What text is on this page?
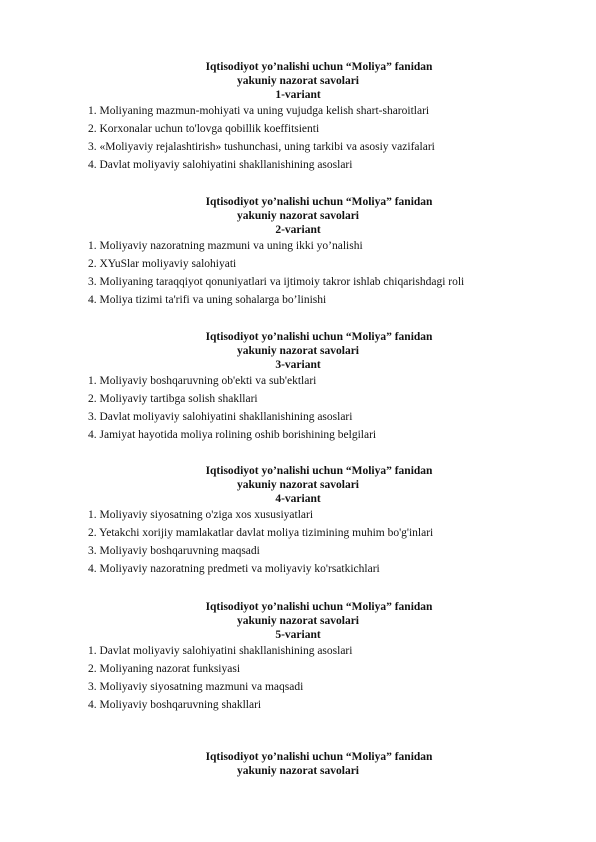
Iqtisodiyot yo’nalishi uchun “Moliya” fanidan
yakuniy nazorat savolari
1-variant
1. Moliyaning mazmun-mohiyati va uning vujudga kelish shart-sharoitlari
2. Korxonalar uchun to'lovga qobillik koeffitsienti
3. «Moliyaviy rejalashtirish» tushunchasi, uning tarkibi va asosiy vazifalari
4. Davlat moliyaviy salohiyatini shakllanishining asoslari
Iqtisodiyot yo’nalishi uchun “Moliya” fanidan
yakuniy nazorat savolari
2-variant
1. Moliyaviy nazoratning mazmuni va uning ikki yo’nalishi
2. XYuSlar moliyaviy salohiyati
3. Moliyaning taraqqiyot qonuniyatlari va ijtimoiy takror ishlab chiqarishdagi roli
4. Moliya tizimi ta'rifi va uning sohalarga bo’linishi
Iqtisodiyot yo’nalishi uchun “Moliya” fanidan
yakuniy nazorat savolari
3-variant
1. Moliyaviy boshqaruvning ob'ekti va sub'ektlari
2. Moliyaviy tartibga solish shakllari
3. Davlat moliyaviy salohiyatini shakllanishining asoslari
4. Jamiyat hayotida moliya rolining oshib borishining belgilari
Iqtisodiyot yo’nalishi uchun “Moliya” fanidan
yakuniy nazorat savolari
4-variant
1. Moliyaviy siyosatning o'ziga xos xususiyatlari
2. Yetakchi xorijiy mamlakatlar davlat moliya tizimining muhim bo'g'inlari
3. Moliyaviy boshqaruvning maqsadi
4. Moliyaviy nazoratning predmeti va moliyaviy ko'rsatkichlari
Iqtisodiyot yo’nalishi uchun “Moliya” fanidan
yakuniy nazorat savolari
5-variant
1. Davlat moliyaviy salohiyatini shakllanishining asoslari
2. Moliyaning nazorat funksiyasi
3. Moliyaviy siyosatning mazmuni va maqsadi
4. Moliyaviy boshqaruvning shakllari
Iqtisodiyot yo’nalishi uchun “Moliya” fanidan
yakuniy nazorat savolari
